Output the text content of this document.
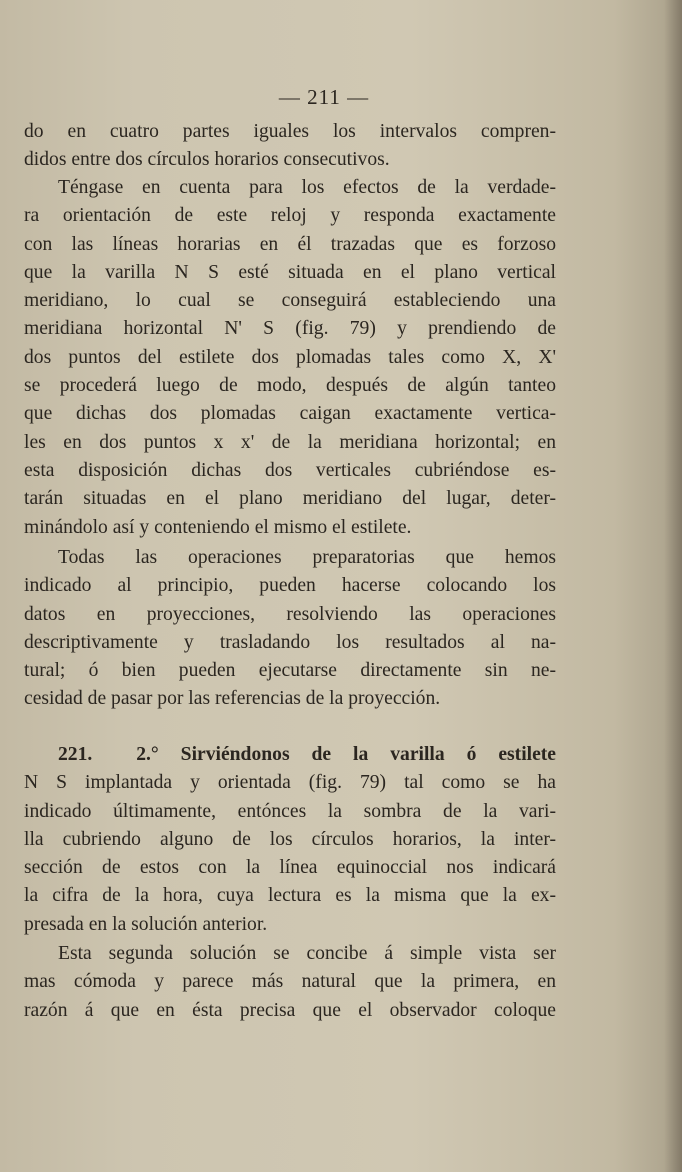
— 211 —
do en cuatro partes iguales los intervalos compren-
didos entre dos círculos horarios consecutivos.
Téngase en cuenta para los efectos de la verdade-
ra orientación de este reloj y responda exactamente
con las líneas horarias en él trazadas que es forzoso
que la varilla N S esté situada en el plano vertical
meridiano, lo cual se conseguirá estableciendo una
meridiana horizontal N' S (fig. 79) y prendiendo de
dos puntos del estilete dos plomadas tales como X, X'
se procederá luego de modo, después de algún tanteo
que dichas dos plomadas caigan exactamente vertica-
les en dos puntos x x' de la meridiana horizontal; en
esta disposición dichas dos verticales cubriéndose es-
tarán situadas en el plano meridiano del lugar, deter-
minándolo así y conteniendo el mismo el estilete.
Todas las operaciones preparatorias que hemos
indicado al principio, pueden hacerse colocando los
datos en proyecciones, resolviendo las operaciones
descriptivamente y trasladando los resultados al na-
tural; ó bien pueden ejecutarse directamente sin ne-
cesidad de pasar por las referencias de la proyección.
221. 2.° Sirviéndonos de la varilla ó estilete
N S implantada y orientada (fig. 79) tal como se ha
indicado últimamente, entónces la sombra de la vari-
lla cubriendo alguno de los círculos horarios, la inter-
sección de estos con la línea equinoccial nos indicará
la cifra de la hora, cuya lectura es la misma que la ex-
presada en la solución anterior.
Esta segunda solución se concibe á simple vista ser
mas cómoda y parece más natural que la primera, en
razón á que en ésta precisa que el observador coloque
